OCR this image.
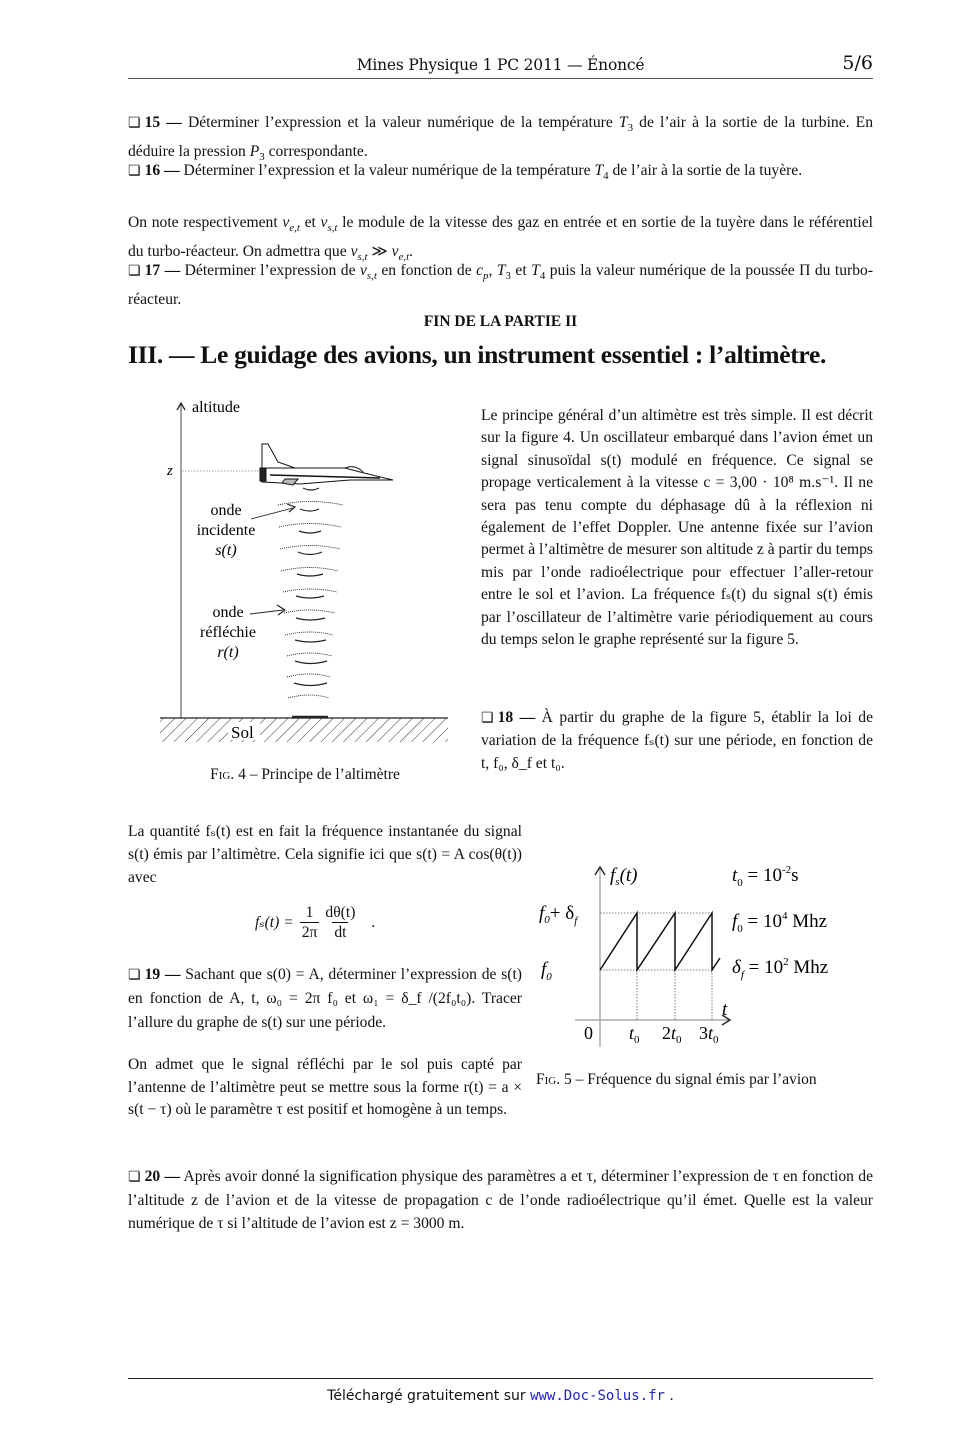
Mines Physique 1 PC 2011 — Énoncé	5/6
❏ 15 — Déterminer l’expression et la valeur numérique de la température $T_3$ de l’air à la sortie de la turbine. En déduire la pression $P_3$ correspondante.
❏ 16 — Déterminer l’expression et la valeur numérique de la température $T_4$ de l’air à la sortie de la tuyère.
On note respectivement $v_{e,t}$ et $v_{s,t}$ le module de la vitesse des gaz en entrée et en sortie de la tuyère dans le référentiel du turbo-réacteur. On admettra que $v_{s,t}$ ≫ $v_{e,t}$.
❏ 17 — Déterminer l’expression de $v_{s,t}$ en fonction de $c_p$, $T_3$ et $T_4$ puis la valeur numérique de la poussée Π du turbo-réacteur.
FIN DE LA PARTIE II
III. — Le guidage des avions, un instrument essentiel : l’altimètre.
altitude
z
onde
incidente
s(t)
onde
réfléchie
r(t)
Sol
Fig. 4 – Principe de l’altimètre
Le principe général d’un altimètre est très simple. Il est décrit sur la figure 4. Un oscillateur embarqué dans l’avion émet un signal sinusoïdal s(t) modulé en fréquence. Ce signal se propage verticalement à la vitesse c = 3,00 · 10⁸ m.s⁻¹. Il ne sera pas tenu compte du déphasage dû à la réflexion ni également de l’effet Doppler. Une antenne fixée sur l’avion permet à l’altimètre de mesurer son altitude z à partir du temps mis par l’onde radioélectrique pour effectuer l’aller-retour entre le sol et l’avion. La fréquence fₛ(t) du signal s(t) émis par l’oscillateur de l’altimètre varie périodiquement au cours du temps selon le graphe représenté sur la figure 5.
❏ 18 — À partir du graphe de la figure 5, établir la loi de variation de la fréquence fₛ(t) sur une période, en fonction de t, f₀, δ_f et t₀.
La quantité fₛ(t) est en fait la fréquence instantanée du signal s(t) émis par l’altimètre. Cela signifie ici que s(t) = A cos(θ(t)) avec
$f_s(t) = \frac{1}{2\pi} \frac{d\theta(t)}{dt}$ .
❏ 19 — Sachant que s(0) = A, déterminer l’expression de s(t) en fonction de A, t, ω₀ = 2π f₀ et ω₁ = δ_f /(2f₀t₀). Tracer l’allure du graphe de s(t) sur une période.
On admet que le signal réfléchi par le sol puis capté par l’antenne de l’altimètre peut se mettre sous la forme r(t) = a × s(t − τ) où le paramètre τ est positif et homogène à un temps.
$f_s(t)$
$f_0+ \delta_f$
$f_0$
t
0 $t_0$ $2t_0$ $3t_0$
$t_0 = 10^{-2}s$
$f_0 = 10^4$ Mhz
$\delta_f = 10^2$ Mhz
Fig. 5 – Fréquence du signal émis par l’avion
❏ 20 — Après avoir donné la signification physique des paramètres a et τ, déterminer l’expression de τ en fonction de l’altitude z de l’avion et de la vitesse de propagation c de l’onde radioélectrique qu’il émet. Quelle est la valeur numérique de τ si l’altitude de l’avion est z = 3000 m.
Téléchargé gratuitement sur www.Doc-Solus.fr .
